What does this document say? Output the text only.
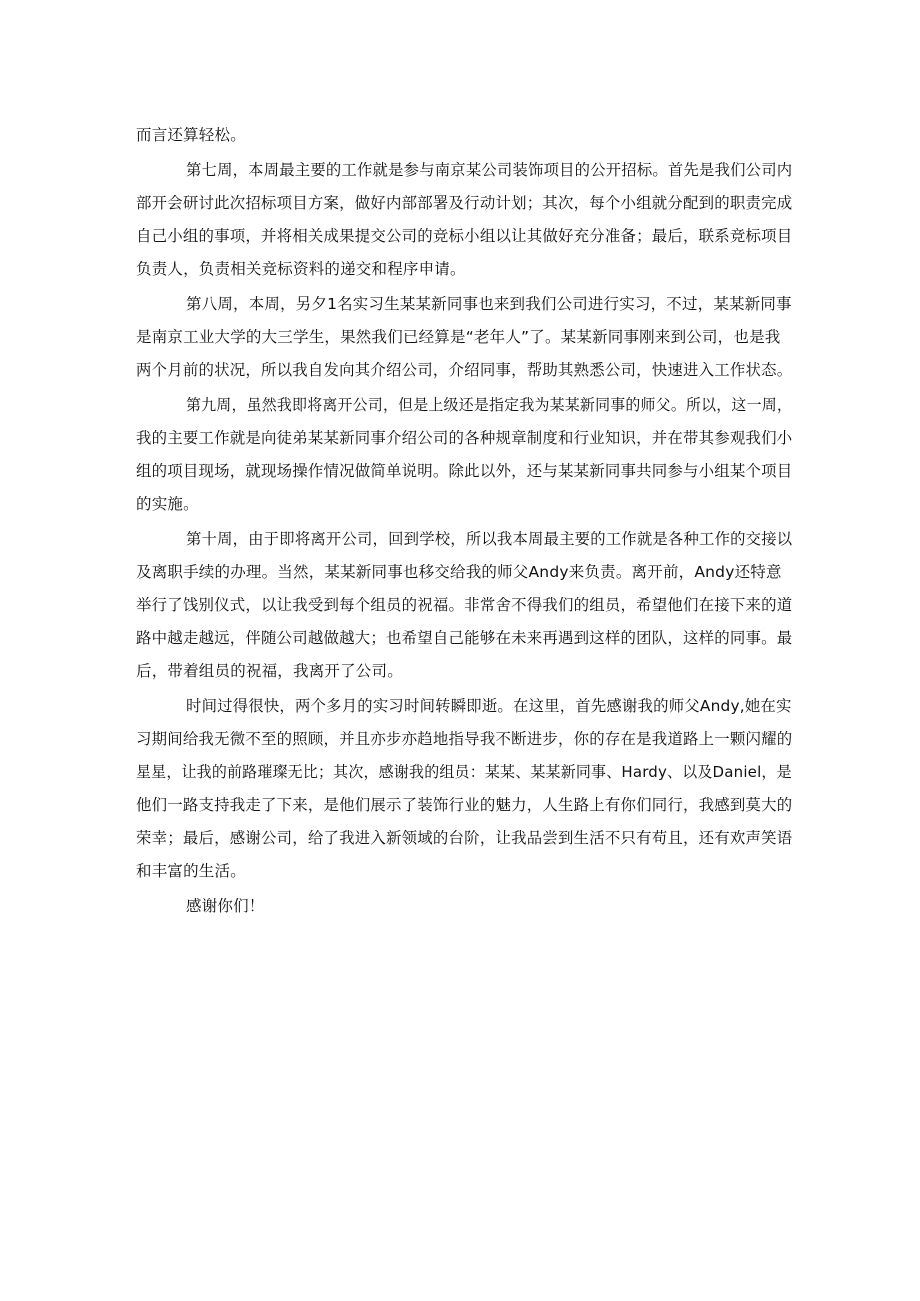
而言还算轻松。
第七周，本周最主要的工作就是参与南京某公司装饰项目的公开招标。首先是我们公司内
部开会研讨此次招标项目方案，做好内部部署及行动计划；其次，每个小组就分配到的职责完成
自己小组的事项，并将相关成果提交公司的竞标小组以让其做好充分准备；最后，联系竞标项目
负责人，负责相关竞标资料的递交和程序申请。
第八周，本周，另夕1名实习生某某新同事也来到我们公司进行实习，不过，某某新同事
是南京工业大学的大三学生，果然我们已经算是“老年人”了。某某新同事刚来到公司，也是我
两个月前的状况，所以我自发向其介绍公司，介绍同事，帮助其熟悉公司，快速进入工作状态。
第九周，虽然我即将离开公司，但是上级还是指定我为某某新同事的师父。所以，这一周，
我的主要工作就是向徒弟某某新同事介绍公司的各种规章制度和行业知识，并在带其参观我们小
组的项目现场，就现场操作情况做简单说明。除此以外，还与某某新同事共同参与小组某个项目
的实施。
第十周，由于即将离开公司，回到学校，所以我本周最主要的工作就是各种工作的交接以
及离职手续的办理。当然，某某新同事也移交给我的师父Andy来负责。离开前，Andy还特意
举行了饯别仪式，以让我受到每个组员的祝福。非常舍不得我们的组员，希望他们在接下来的道
路中越走越远，伴随公司越做越大；也希望自己能够在未来再遇到这样的团队，这样的同事。最
后，带着组员的祝福，我离开了公司。
时间过得很快，两个多月的实习时间转瞬即逝。在这里，首先感谢我的师父Andy,她在实
习期间给我无微不至的照顾，并且亦步亦趋地指导我不断进步，你的存在是我道路上一颗闪耀的
星星，让我的前路璀璨无比；其次，感谢我的组员：某某、某某新同事、Hardy、以及Daniel，是
他们一路支持我走了下来，是他们展示了装饰行业的魅力，人生路上有你们同行，我感到莫大的
荣幸；最后，感谢公司，给了我进入新领域的台阶，让我品尝到生活不只有苟且，还有欢声笑语
和丰富的生活。
感谢你们！
